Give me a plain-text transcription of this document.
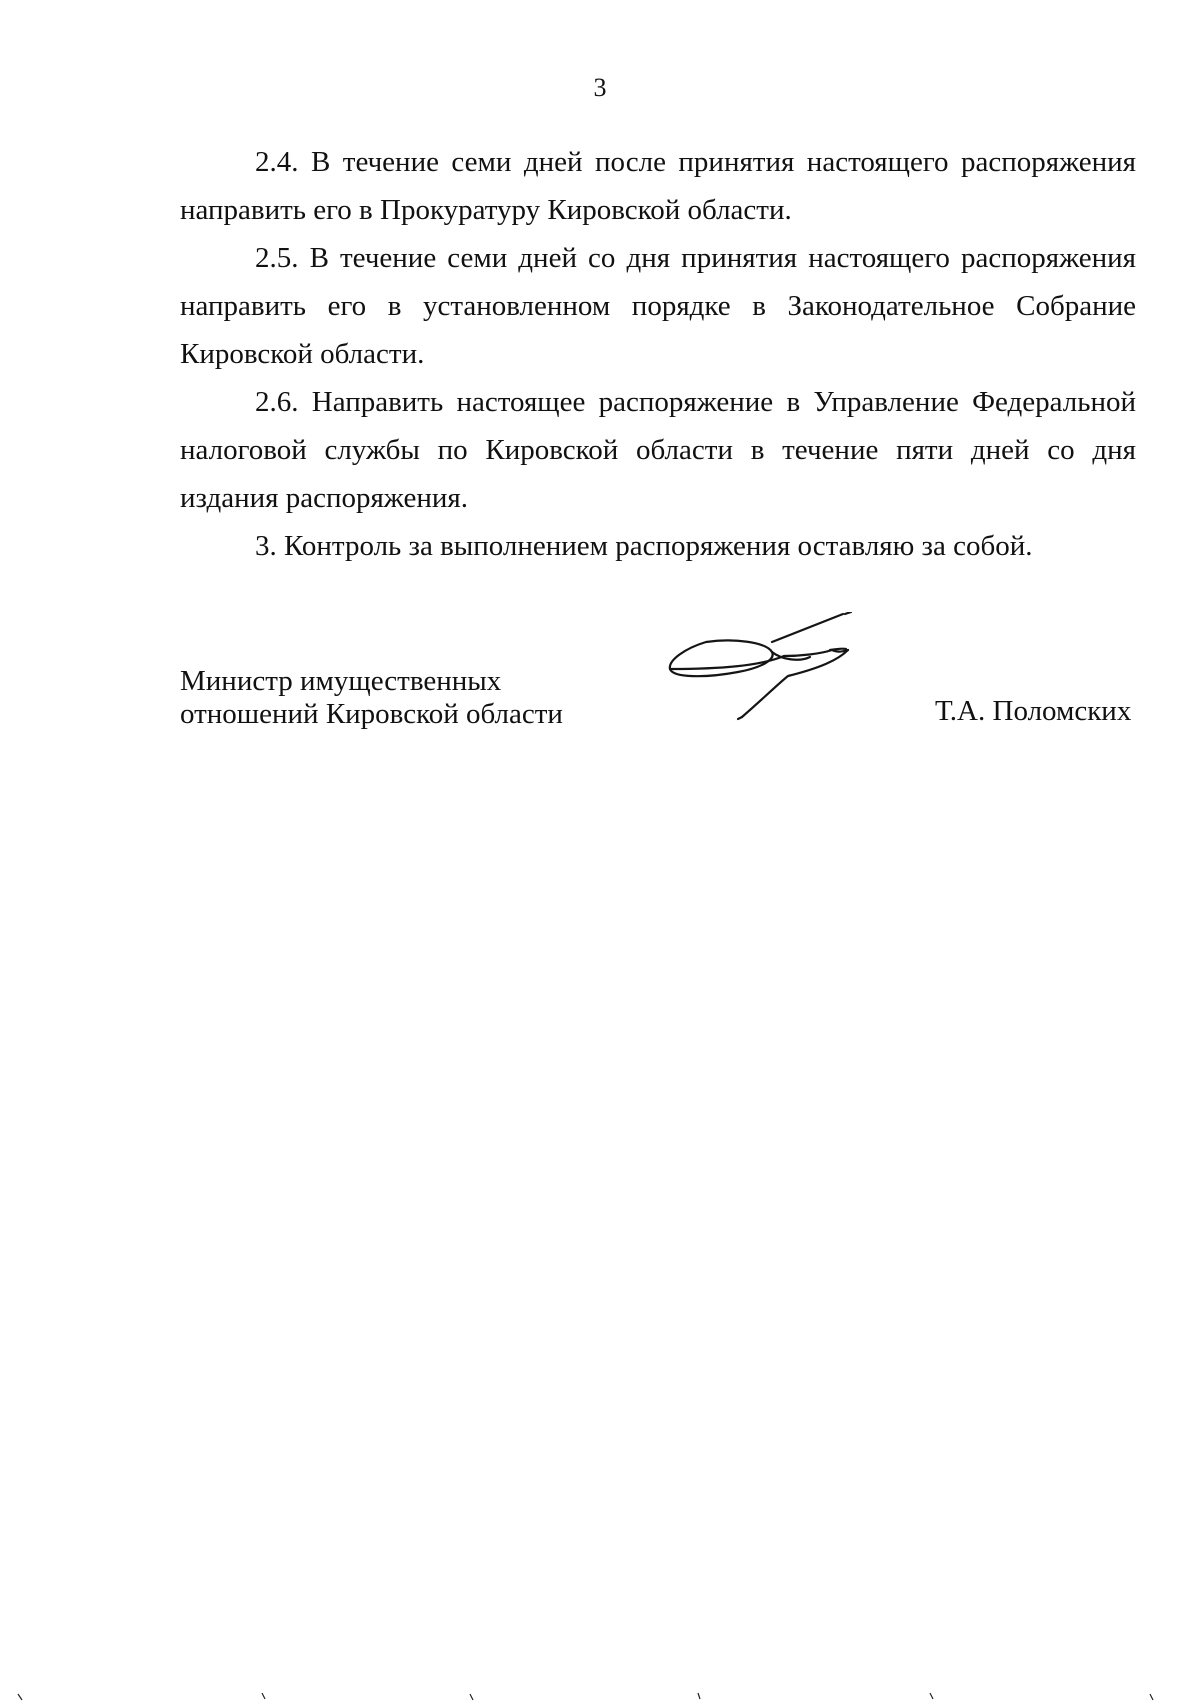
3

2.4. В течение семи дней после принятия настоящего распоряжения направить его в Прокуратуру Кировской области.

2.5. В течение семи дней со дня принятия настоящего распоряжения направить его в установленном порядке в Законодательное Собрание Кировской области.

2.6. Направить настоящее распоряжение в Управление Федеральной налоговой службы по Кировской области в течение пяти дней со дня издания распоряжения.

3. Контроль за выполнением распоряжения оставляю за собой.

Министр имущественных
отношений Кировской области	Т.А. Поломских
